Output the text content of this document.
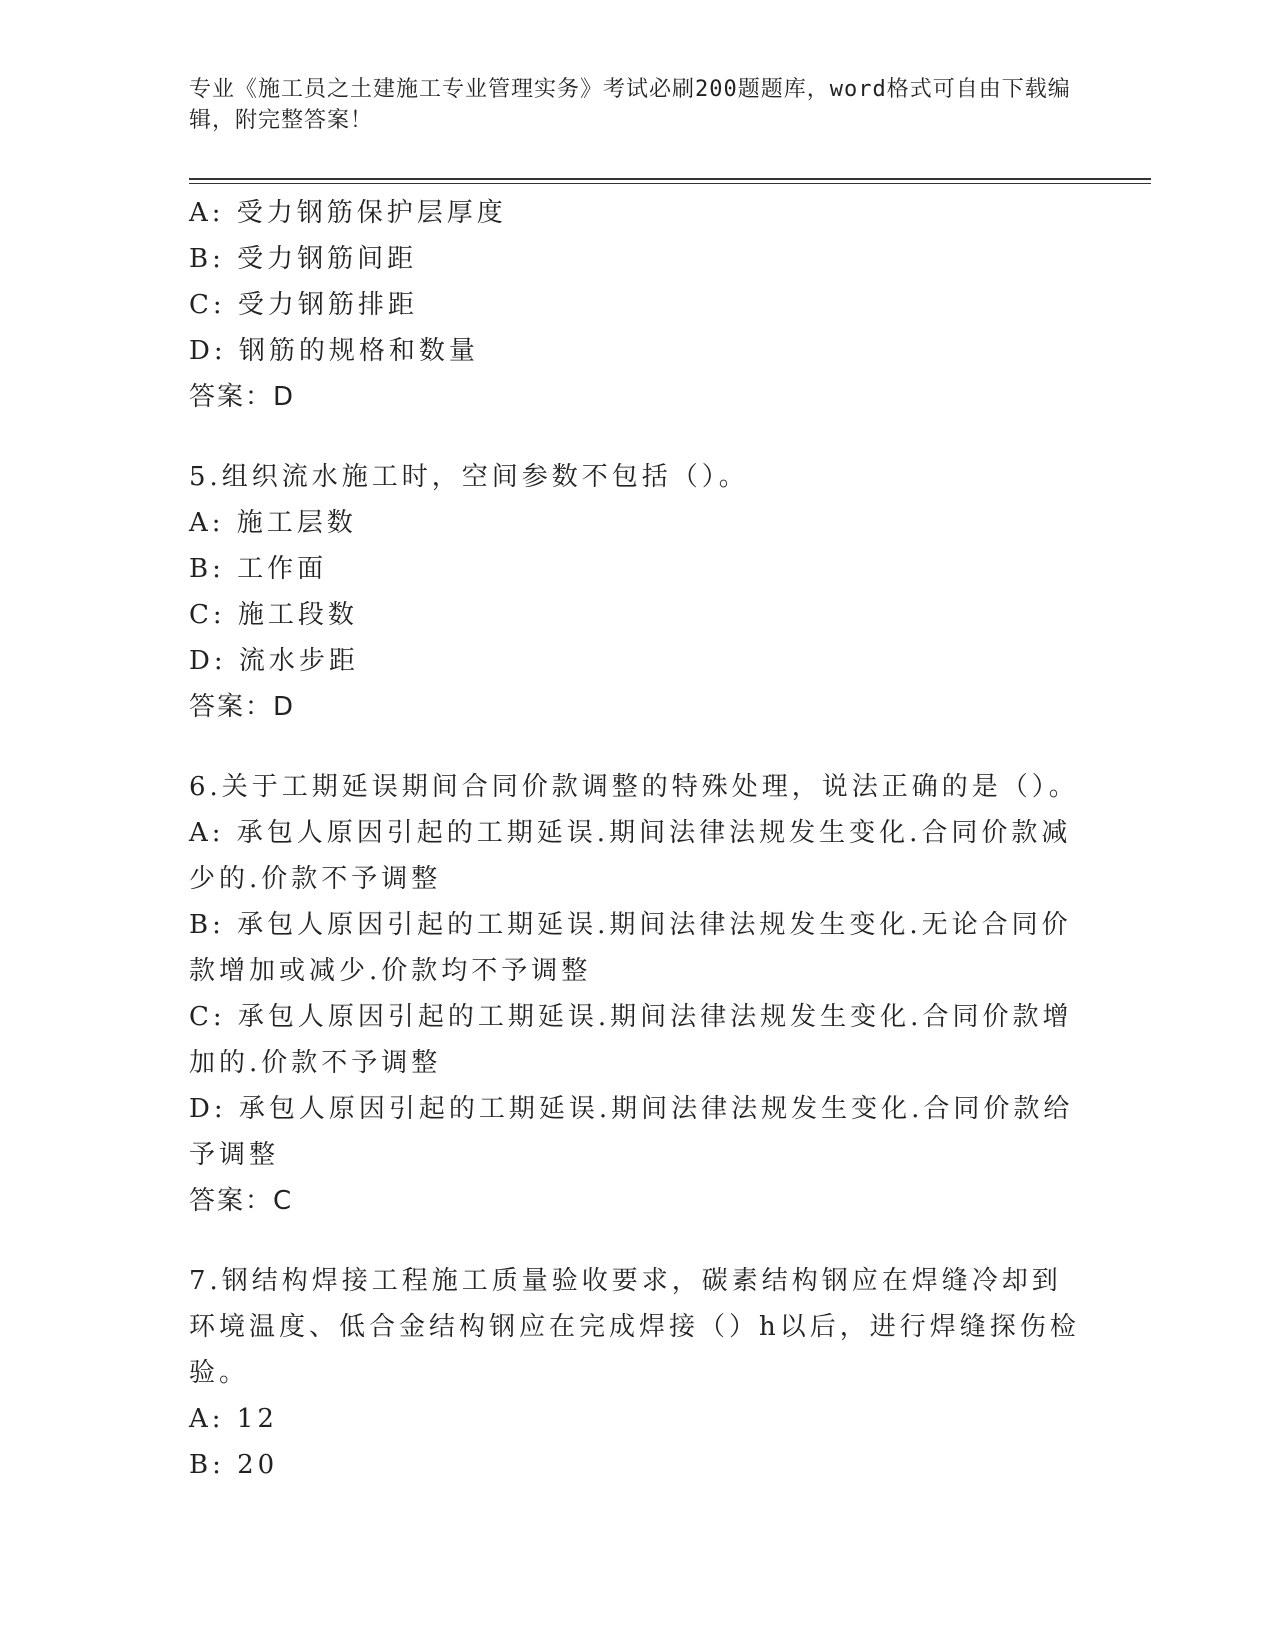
专业《施工员之土建施工专业管理实务》考试必刷200题题库，word格式可自由下载编辑，附完整答案！

A: 受力钢筋保护层厚度

B: 受力钢筋间距

C: 受力钢筋排距

D: 钢筋的规格和数量

答案：D

5.组织流水施工时，空间参数不包括（）。

A: 施工层数

B: 工作面

C: 施工段数

D: 流水步距

答案：D

6.关于工期延误期间合同价款调整的特殊处理，说法正确的是（）。

A: 承包人原因引起的工期延误.期间法律法规发生变化.合同价款减少的.价款不予调整

B: 承包人原因引起的工期延误.期间法律法规发生变化.无论合同价款增加或减少.价款均不予调整

C: 承包人原因引起的工期延误.期间法律法规发生变化.合同价款增加的.价款不予调整

D: 承包人原因引起的工期延误.期间法律法规发生变化.合同价款给予调整

答案：C

7.钢结构焊接工程施工质量验收要求，碳素结构钢应在焊缝冷却到环境温度、低合金结构钢应在完成焊接（）h以后，进行焊缝探伤检验。

A: 12

B: 20
